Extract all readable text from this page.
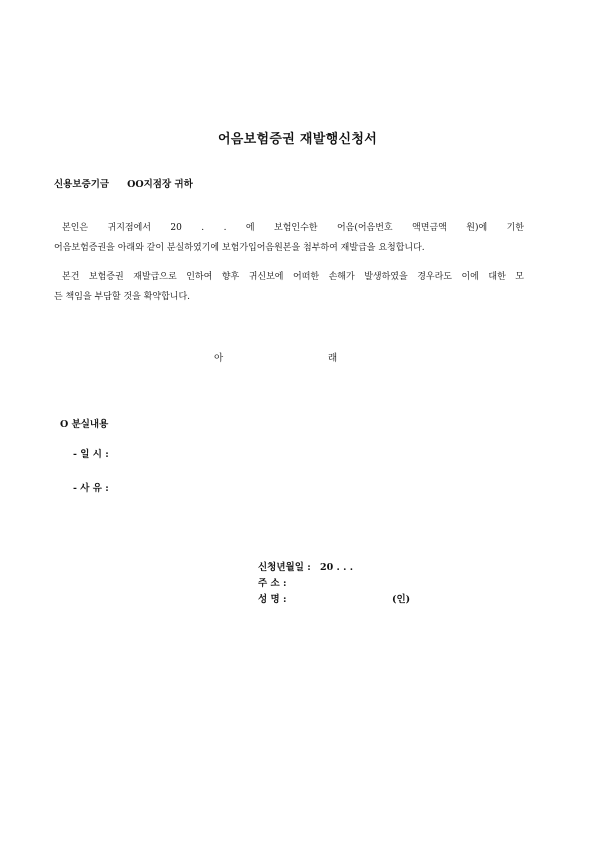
어음보험증권 재발행신청서
신용보증기금 OO지점장 귀하
본인은 귀지점에서 20 . . 에 보험인수한 어음(어음번호 액면금액 원)에 기한
어음보험증권을 아래와 같이 분실하였기에 보험가입어음원본을 첨부하여 재발급을 요청합니다.
본건 보험증권 재발급으로 인하여 향후 귀신보에 어떠한 손해가 발생하였을 경우라도 이에 대한 모
든 책임을 부담할 것을 확약합니다.
아	래
O 분실내용
- 일 시 :
- 사 유 :
신청년월일 : 20 . . .
주 소 :
성 명 :	(인)
